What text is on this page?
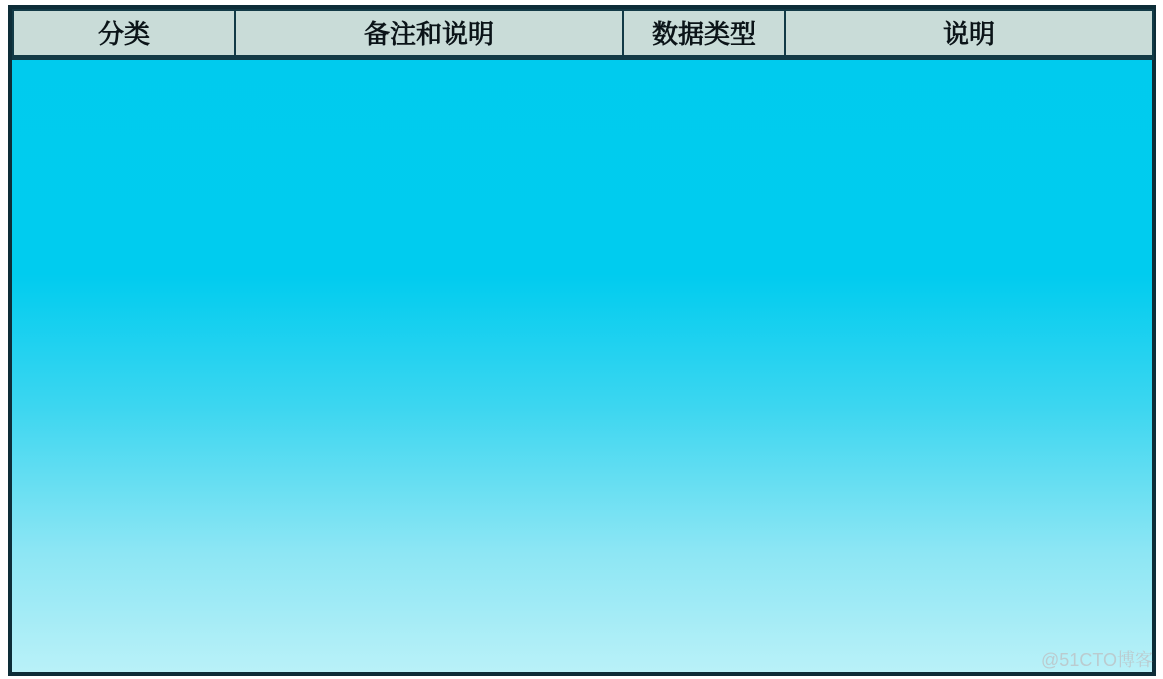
分类	备注和说明	数据类型	说明
@51CTO博客
